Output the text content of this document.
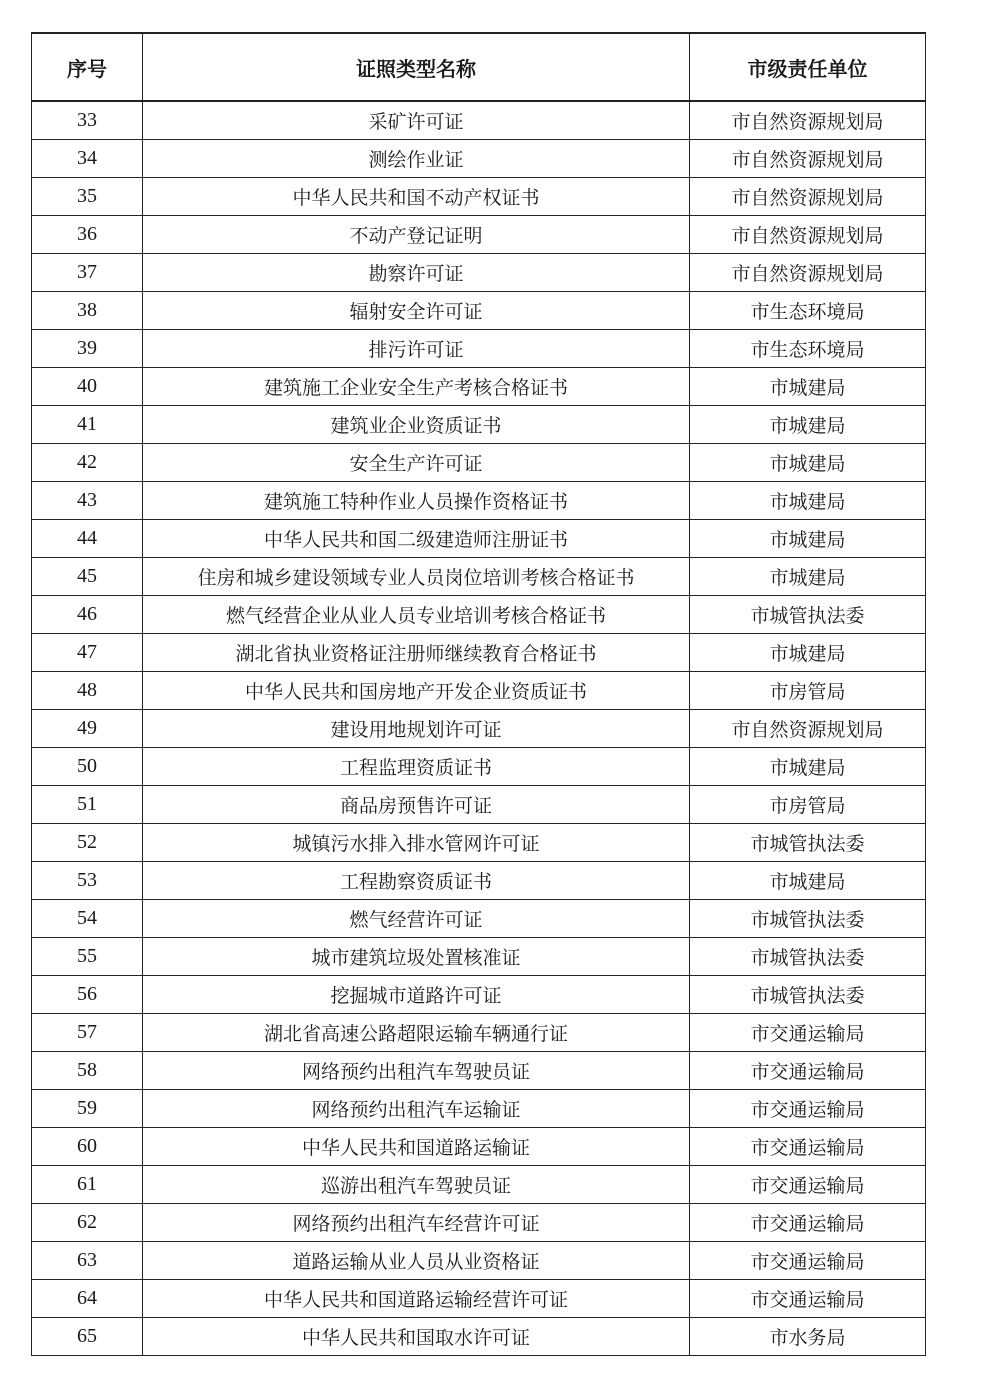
序号	证照类型名称	市级责任单位
33	采矿许可证	市自然资源规划局
34	测绘作业证	市自然资源规划局
35	中华人民共和国不动产权证书	市自然资源规划局
36	不动产登记证明	市自然资源规划局
37	勘察许可证	市自然资源规划局
38	辐射安全许可证	市生态环境局
39	排污许可证	市生态环境局
40	建筑施工企业安全生产考核合格证书	市城建局
41	建筑业企业资质证书	市城建局
42	安全生产许可证	市城建局
43	建筑施工特种作业人员操作资格证书	市城建局
44	中华人民共和国二级建造师注册证书	市城建局
45	住房和城乡建设领域专业人员岗位培训考核合格证书	市城建局
46	燃气经营企业从业人员专业培训考核合格证书	市城管执法委
47	湖北省执业资格证注册师继续教育合格证书	市城建局
48	中华人民共和国房地产开发企业资质证书	市房管局
49	建设用地规划许可证	市自然资源规划局
50	工程监理资质证书	市城建局
51	商品房预售许可证	市房管局
52	城镇污水排入排水管网许可证	市城管执法委
53	工程勘察资质证书	市城建局
54	燃气经营许可证	市城管执法委
55	城市建筑垃圾处置核准证	市城管执法委
56	挖掘城市道路许可证	市城管执法委
57	湖北省高速公路超限运输车辆通行证	市交通运输局
58	网络预约出租汽车驾驶员证	市交通运输局
59	网络预约出租汽车运输证	市交通运输局
60	中华人民共和国道路运输证	市交通运输局
61	巡游出租汽车驾驶员证	市交通运输局
62	网络预约出租汽车经营许可证	市交通运输局
63	道路运输从业人员从业资格证	市交通运输局
64	中华人民共和国道路运输经营许可证	市交通运输局
65	中华人民共和国取水许可证	市水务局
